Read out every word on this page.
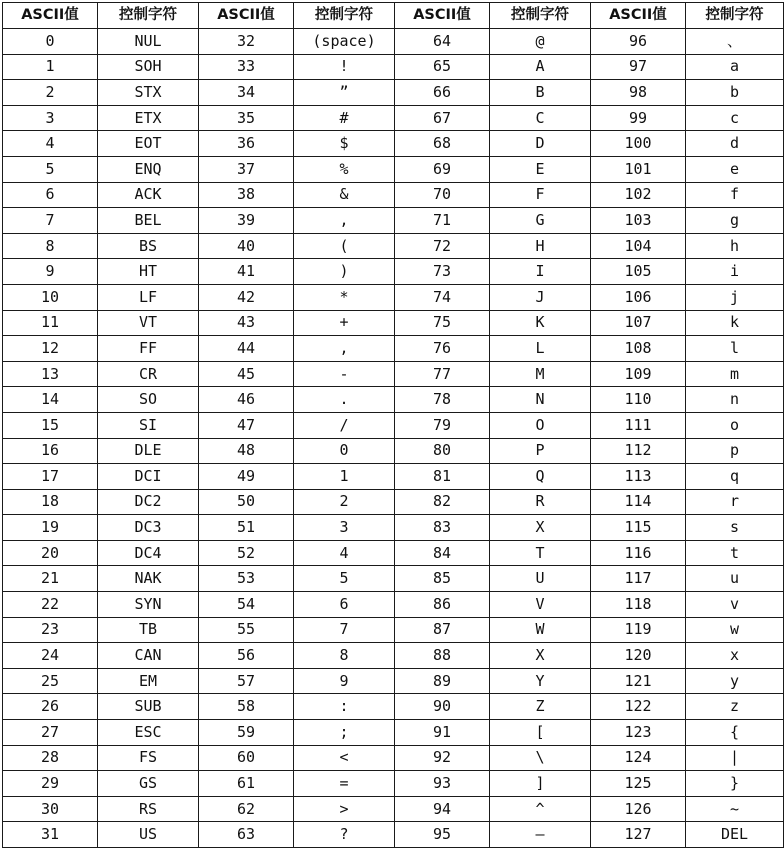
ASCII值	控制字符	ASCII值	控制字符	ASCII值	控制字符	ASCII值	控制字符
0	NUL	32	(space)	64	@	96	、
1	SOH	33	!	65	A	97	a
2	STX	34	”	66	B	98	b
3	ETX	35	#	67	C	99	c
4	EOT	36	$	68	D	100	d
5	ENQ	37	%	69	E	101	e
6	ACK	38	&	70	F	102	f
7	BEL	39	,	71	G	103	g
8	BS	40	(	72	H	104	h
9	HT	41	)	73	I	105	i
10	LF	42	*	74	J	106	j
11	VT	43	+	75	K	107	k
12	FF	44	,	76	L	108	l
13	CR	45	-	77	M	109	m
14	SO	46	.	78	N	110	n
15	SI	47	/	79	O	111	o
16	DLE	48	0	80	P	112	p
17	DCI	49	1	81	Q	113	q
18	DC2	50	2	82	R	114	r
19	DC3	51	3	83	X	115	s
20	DC4	52	4	84	T	116	t
21	NAK	53	5	85	U	117	u
22	SYN	54	6	86	V	118	v
23	TB	55	7	87	W	119	w
24	CAN	56	8	88	X	120	x
25	EM	57	9	89	Y	121	y
26	SUB	58	:	90	Z	122	z
27	ESC	59	;	91	[	123	{
28	FS	60	<	92	\	124	|
29	GS	61	=	93	]	125	}
30	RS	62	>	94	^	126	~
31	US	63	?	95	—	127	DEL
